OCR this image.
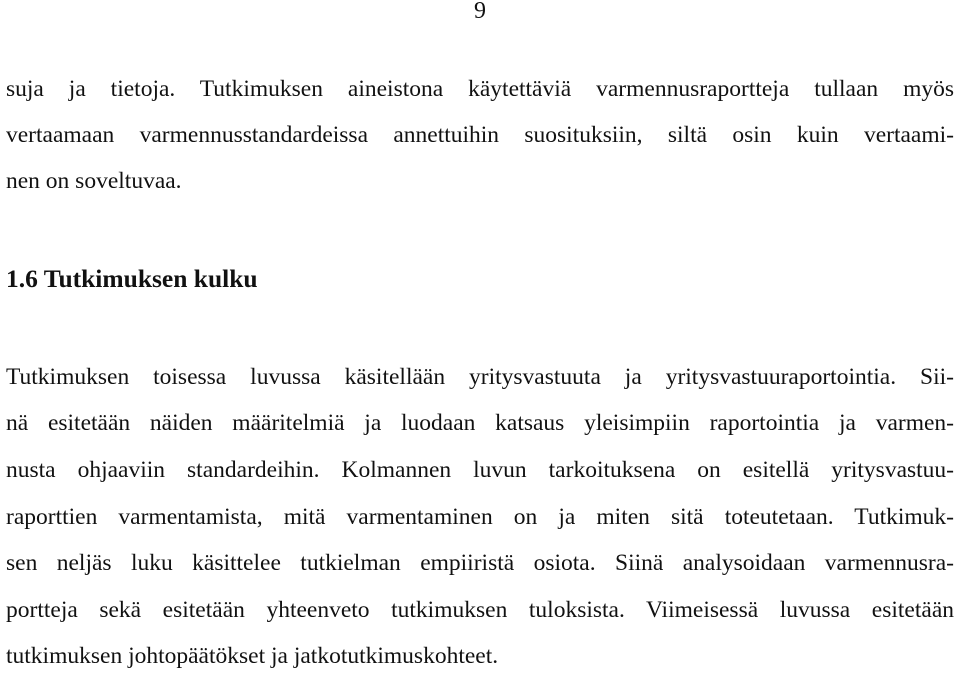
9
suja ja tietoja. Tutkimuksen aineistona käytettäviä varmennusraportteja tullaan myös
vertaamaan varmennusstandardeissa annettuihin suosituksiin, siltä osin kuin vertaami-
nen on soveltuvaa.
1.6 Tutkimuksen kulku
Tutkimuksen toisessa luvussa käsitellään yritysvastuuta ja yritysvastuuraportointia. Sii-
nä esitetään näiden määritelmiä ja luodaan katsaus yleisimpiin raportointia ja varmen-
nusta ohjaaviin standardeihin. Kolmannen luvun tarkoituksena on esitellä yritysvastuu-
raporttien varmentamista, mitä varmentaminen on ja miten sitä toteutetaan. Tutkimuk-
sen neljäs luku käsittelee tutkielman empiiristä osiota. Siinä analysoidaan varmennusra-
portteja sekä esitetään yhteenveto tutkimuksen tuloksista. Viimeisessä luvussa esitetään
tutkimuksen johtopäätökset ja jatkotutkimuskohteet.
